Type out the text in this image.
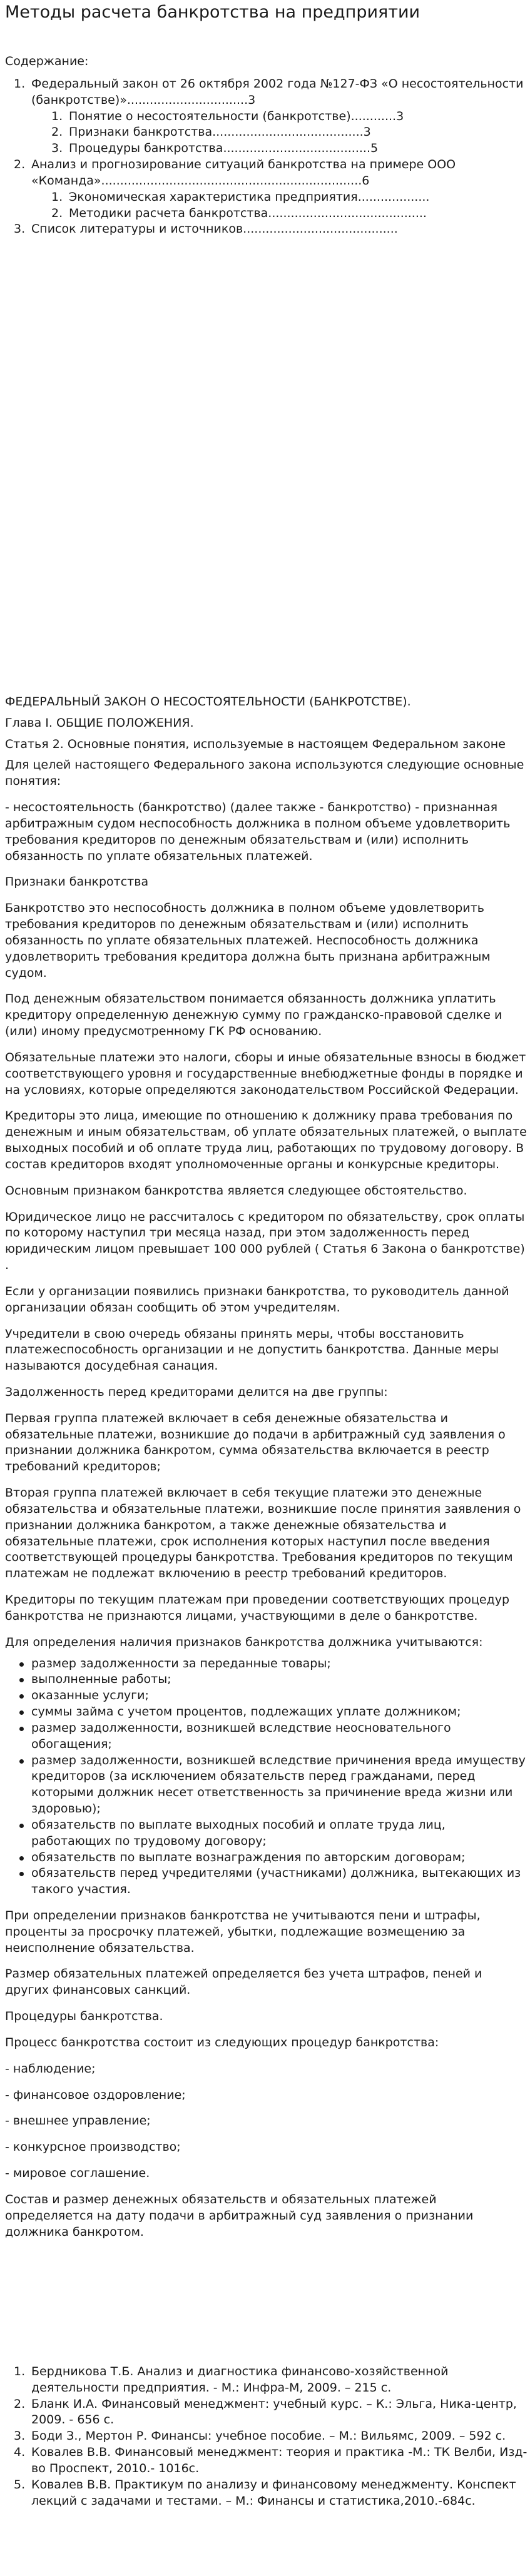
Методы расчета банкротства на предприятии

Содержание:

1. Федеральный закон от 26 октября 2002 года №127-ФЗ «О несостоятельности (банкротстве)»................................3
1. Понятие о несостоятельности (банкротстве)............3
2. Признаки банкротства........................................3
3. Процедуры банкротства.......................................5
2. Анализ и прогнозирование ситуаций банкротства на примере ООО «Команда».....................................................................6
1. Экономическая характеристика предприятия...................
2. Методики расчета банкротства..........................................
3. Список литературы и источников.........................................

ФЕДЕРАЛЬНЫЙ ЗАКОН О НЕСОСТОЯТЕЛЬНОСТИ (БАНКРОТСТВЕ).

Глава I. ОБЩИЕ ПОЛОЖЕНИЯ.

Статья 2. Основные понятия, используемые в настоящем Федеральном законе

Для целей настоящего Федерального закона используются следующие основные понятия:

- несостоятельность (банкротство) (далее также - банкротство) - признанная арбитражным судом неспособность должника в полном объеме удовлетворить требования кредиторов по денежным обязательствам и (или) исполнить обязанность по уплате обязательных платежей.

Признаки банкротства

Банкротство это неспособность должника в полном объеме удовлетворить требования кредиторов по денежным обязательствам и (или) исполнить обязанность по уплате обязательных платежей. Неспособность должника удовлетворить требования кредитора должна быть признана арбитражным судом.

Под денежным обязательством понимается обязанность должника уплатить кредитору определенную денежную сумму по гражданско-правовой сделке и (или) иному предусмотренному ГК РФ основанию.

Обязательные платежи это налоги, сборы и иные обязательные взносы в бюджет соответствующего уровня и государственные внебюджетные фонды в порядке и на условиях, которые определяются законодательством Российской Федерации.

Кредиторы это лица, имеющие по отношению к должнику права требования по денежным и иным обязательствам, об уплате обязательных платежей, о выплате выходных пособий и об оплате труда лиц, работающих по трудовому договору. В состав кредиторов входят уполномоченные органы и конкурсные кредиторы.

Основным признаком банкротства является следующее обстоятельство.

Юридическое лицо не рассчиталось с кредитором по обязательству, срок оплаты по которому наступил три месяца назад, при этом задолженность перед юридическим лицом превышает 100 000 рублей ( Статья 6 Закона о банкротстве) .

Если у организации появились признаки банкротства, то руководитель данной организации обязан сообщить об этом учредителям.

Учредители в свою очередь обязаны принять меры, чтобы восстановить платежеспособность организации и не допустить банкротства. Данные меры называются досудебная санация.

Задолженность перед кредиторами делится на две группы:

Первая группа платежей включает в себя денежные обязательства и обязательные платежи, возникшие до подачи в арбитражный суд заявления о признании должника банкротом, сумма обязательства включается в реестр требований кредиторов;

Вторая группа платежей включает в себя текущие платежи это денежные обязательства и обязательные платежи, возникшие после принятия заявления о признании должника банкротом, а также денежные обязательства и обязательные платежи, срок исполнения которых наступил после введения соответствующей процедуры банкротства. Требования кредиторов по текущим платежам не подлежат включению в реестр требований кредиторов.

Кредиторы по текущим платежам при проведении соответствующих процедур банкротства не признаются лицами, участвующими в деле о банкротстве.

Для определения наличия признаков банкротства должника учитываются:

размер задолженности за переданные товары;
выполненные работы;
оказанные услуги;
суммы займа с учетом процентов, подлежащих уплате должником;
размер задолженности, возникшей вследствие неосновательного обогащения;
размер задолженности, возникшей вследствие причинения вреда имуществу кредиторов (за исключением обязательств перед гражданами, перед которыми должник несет ответственность за причинение вреда жизни или здоровью);
обязательств по выплате выходных пособий и оплате труда лиц, работающих по трудовому договору;
обязательств по выплате вознаграждения по авторским договорам;
обязательств перед учредителями (участниками) должника, вытекающих из такого участия.

При определении признаков банкротства не учитываются пени и штрафы, проценты за просрочку платежей, убытки, подлежащие возмещению за неисполнение обязательства.

Размер обязательных платежей определяется без учета штрафов, пеней и других финансовых санкций.

Процедуры банкротства.

Процесс банкротства состоит из следующих процедур банкротства:

- наблюдение;

- финансовое оздоровление;

- внешнее управление;

- конкурсное производство;

- мировое соглашение.

Состав и размер денежных обязательств и обязательных платежей определяется на дату подачи в арбитражный суд заявления о признании должника банкротом.

1. Бердникова Т.Б. Анализ и диагностика финансово-хозяйственной деятельности предприятия. - М.: Инфра-М, 2009. – 215 с.
2. Бланк И.А. Финансовый менеджмент: учебный курс. – К.: Эльга, Ника-центр, 2009. - 656 с.
3. Боди З., Мертон Р. Финансы: учебное пособие. – М.: Вильямс, 2009. – 592 с.
4. Ковалев В.В. Финансовый менеджмент: теория и практика -М.: ТК Велби, Изд-во Проспект, 2010.- 1016с.
5. Ковалев В.В. Практикум по анализу и финансовому менеджменту. Конспект лекций с задачами и тестами. – М.: Финансы и статистика,2010.-684с.
